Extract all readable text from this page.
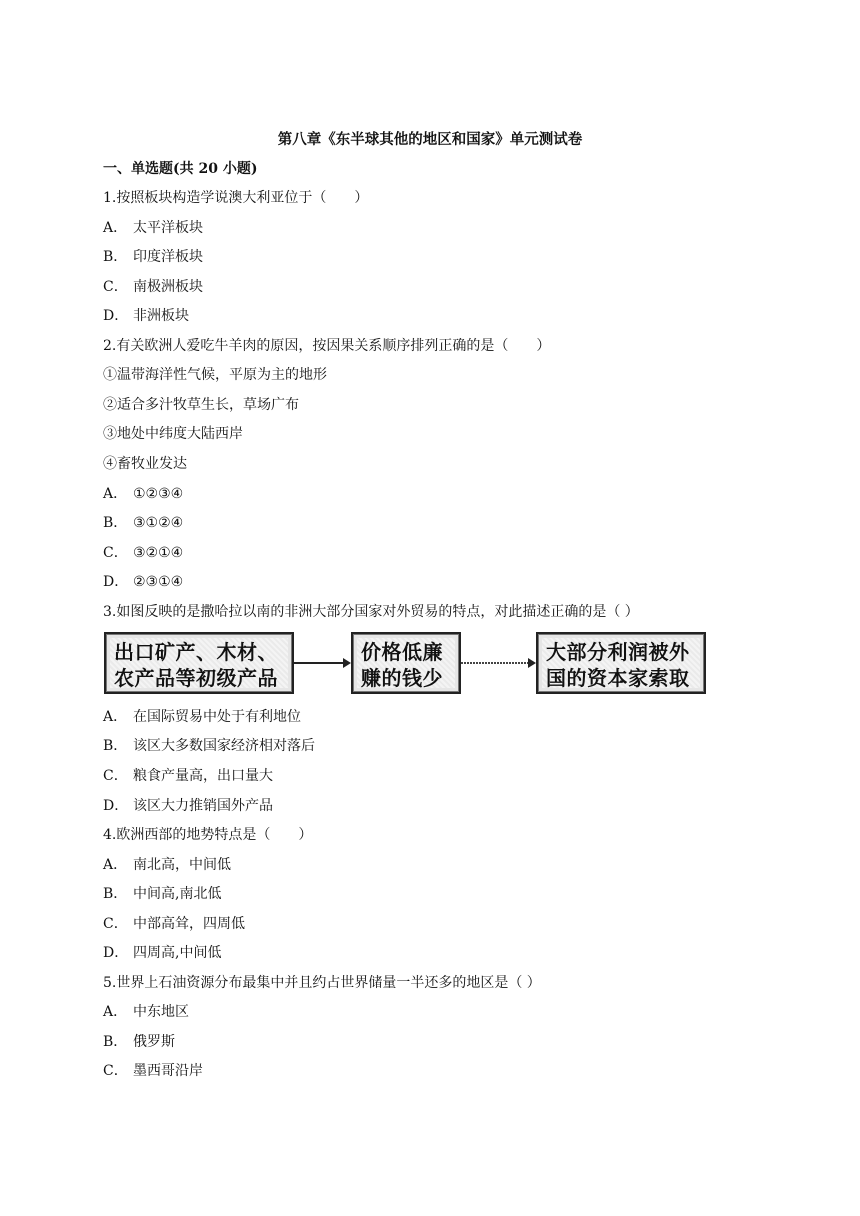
第八章《东半球其他的地区和国家》单元测试卷
一、单选题(共 20 小题)
1.按照板块构造学说澳大利亚位于（　　）
A． 太平洋板块
B． 印度洋板块
C． 南极洲板块
D． 非洲板块
2.有关欧洲人爱吃牛羊肉的原因，按因果关系顺序排列正确的是（　　）
①温带海洋性气候，平原为主的地形
②适合多汁牧草生长，草场广布
③地处中纬度大陆西岸
④畜牧业发达
A． ①②③④
B． ③①②④
C． ③②①④
D． ②③①④
3.如图反映的是撒哈拉以南的非洲大部分国家对外贸易的特点，对此描述正确的是（ ）
出口矿产、木材、
农产品等初级产品
价格低廉
赚的钱少
大部分利润被外
国的资本家索取
A． 在国际贸易中处于有利地位
B． 该区大多数国家经济相对落后
C． 粮食产量高，出口量大
D． 该区大力推销国外产品
4.欧洲西部的地势特点是（　　）
A． 南北高，中间低
B． 中间高,南北低
C． 中部高耸，四周低
D． 四周高,中间低
5.世界上石油资源分布最集中并且约占世界储量一半还多的地区是（ ）
A． 中东地区
B． 俄罗斯
C． 墨西哥沿岸
